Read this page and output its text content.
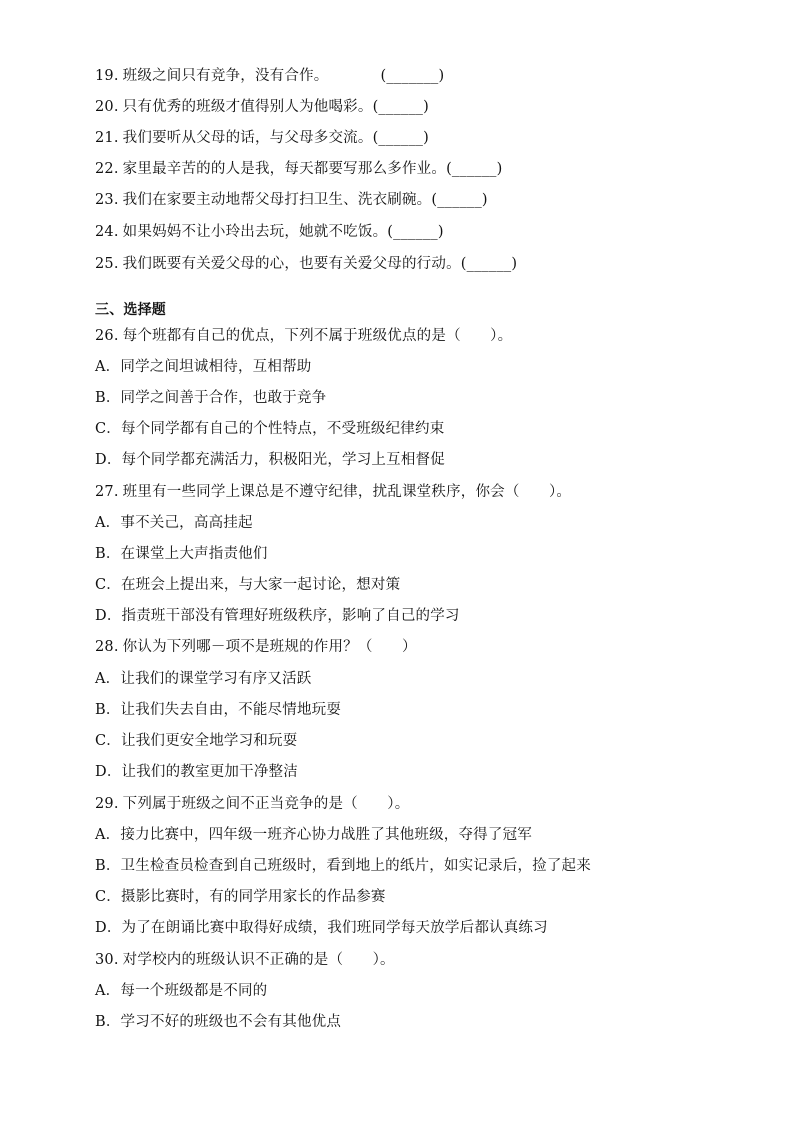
19. 班级之间只有竞争，没有合作。	(_______)
20. 只有优秀的班级才值得别人为他喝彩。(______)
21. 我们要听从父母的话，与父母多交流。(______)
22. 家里最辛苦的的人是我，每天都要写那么多作业。(______)
23. 我们在家要主动地帮父母打扫卫生、洗衣刷碗。(______)
24. 如果妈妈不让小玲出去玩，她就不吃饭。(______)
25. 我们既要有关爱父母的心，也要有关爱父母的行动。(______)
三、选择题
26. 每个班都有自己的优点，下列不属于班级优点的是（　　）。
A．同学之间坦诚相待，互相帮助
B．同学之间善于合作，也敢于竞争
C．每个同学都有自己的个性特点，不受班级纪律约束
D．每个同学都充满活力，积极阳光，学习上互相督促
27. 班里有一些同学上课总是不遵守纪律，扰乱课堂秩序，你会（　　）。
A．事不关己，高高挂起
B．在课堂上大声指责他们
C．在班会上提出来，与大家一起讨论，想对策
D．指责班干部没有管理好班级秩序，影响了自己的学习
28. 你认为下列哪－项不是班规的作用？（　　）
A．让我们的课堂学习有序又活跃
B．让我们失去自由，不能尽情地玩耍
C．让我们更安全地学习和玩耍
D．让我们的教室更加干净整洁
29. 下列属于班级之间不正当竞争的是（　　）。
A．接力比赛中，四年级一班齐心协力战胜了其他班级，夺得了冠军
B．卫生检查员检查到自己班级时，看到地上的纸片，如实记录后，捡了起来
C．摄影比赛时，有的同学用家长的作品参赛
D．为了在朗诵比赛中取得好成绩，我们班同学每天放学后都认真练习
30. 对学校内的班级认识不正确的是（　　）。
A．每一个班级都是不同的
B．学习不好的班级也不会有其他优点
